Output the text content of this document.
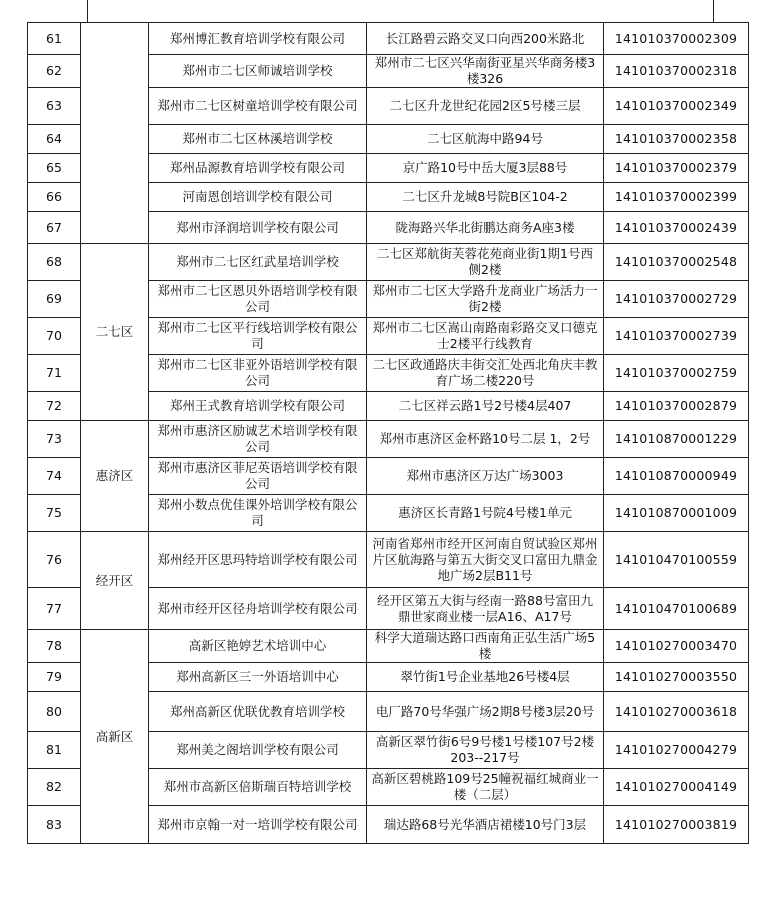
61		郑州博汇教育培训学校有限公司	长江路碧云路交叉口向西200米路北	141010370002309
62		郑州市二七区师诚培训学校	郑州市二七区兴华南街亚星兴华商务楼3楼326	141010370002318
63		郑州市二七区树童培训学校有限公司	二七区升龙世纪花园2区5号楼三层	141010370002349
64		郑州市二七区林溪培训学校	二七区航海中路94号	141010370002358
65		郑州品源教育培训学校有限公司	京广路10号中岳大厦3层88号	141010370002379
66		河南恩创培训学校有限公司	二七区升龙城8号院B区104-2	141010370002399
67		郑州市泽润培训学校有限公司	陇海路兴华北街鹏达商务A座3楼	141010370002439
68	二七区	郑州市二七区红武星培训学校	二七区郑航街芙蓉花苑商业街1期1号西侧2楼	141010370002548
69		郑州市二七区恩贝外语培训学校有限公司	郑州市二七区大学路升龙商业广场活力一街2楼	141010370002729
70		郑州市二七区平行线培训学校有限公司	郑州市二七区嵩山南路南彩路交叉口德克士2楼平行线教育	141010370002739
71		郑州市二七区非亚外语培训学校有限公司	二七区政通路庆丰街交汇处西北角庆丰教育广场二楼220号	141010370002759
72		郑州王式教育培训学校有限公司	二七区祥云路1号2号楼4层407	141010370002879
73	惠济区	郑州市惠济区励诚艺术培训学校有限公司	郑州市惠济区金杯路10号二层 1，2号	141010870001229
74		郑州市惠济区菲尼英语培训学校有限公司	郑州市惠济区万达广场3003	141010870000949
75		郑州小数点优佳课外培训学校有限公司	惠济区长青路1号院4号楼1单元	141010870001009
76	经开区	郑州经开区思玛特培训学校有限公司	河南省郑州市经开区河南自贸试验区郑州片区航海路与第五大街交叉口富田九鼎金地广场2层B11号	141010470100559
77		郑州市经开区径舟培训学校有限公司	经开区第五大街与经南一路88号富田九鼎世家商业楼一层A16、A17号	141010470100689
78	高新区	高新区艳婷艺术培训中心	科学大道瑞达路口西南角正弘生活广场5楼	141010270003470
79		郑州高新区三一外语培训中心	翠竹街1号企业基地26号楼4层	141010270003550
80		郑州高新区优联优教育培训学校	电厂路70号华强广场2期8号楼3层20号	141010270003618
81		郑州美之阁培训学校有限公司	高新区翠竹街6号9号楼1号楼107号2楼203--217号	141010270004279
82		郑州市高新区倍斯瑞百特培训学校	高新区碧桃路109号25幢祝福红城商业一楼（二层）	141010270004149
83		郑州市京翰一对一培训学校有限公司	瑞达路68号光华酒店裙楼10号门3层	141010270003819
